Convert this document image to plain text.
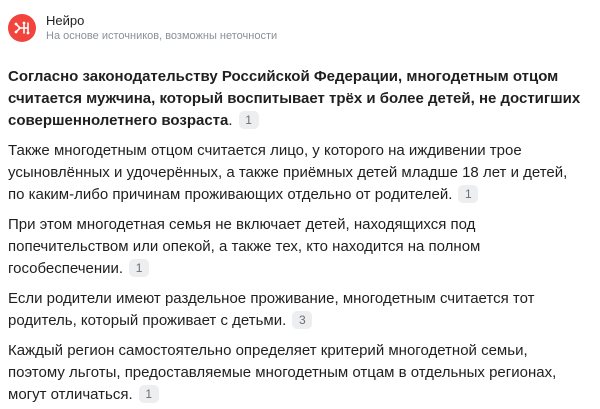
Нейро
На основе источников, возможны неточности

Согласно законодательству Российской Федерации, многодетным отцом считается мужчина, который воспитывает трёх и более детей, не достигших совершеннолетнего возраста. 1

Также многодетным отцом считается лицо, у которого на иждивении трое усыновлённых и удочерённых, а также приёмных детей младше 18 лет и детей, по каким-либо причинам проживающих отдельно от родителей. 1

При этом многодетная семья не включает детей, находящихся под попечительством или опекой, а также тех, кто находится на полном гособеспечении. 1

Если родители имеют раздельное проживание, многодетным считается тот родитель, который проживает с детьми. 3

Каждый регион самостоятельно определяет критерий многодетной семьи, поэтому льготы, предоставляемые многодетным отцам в отдельных регионах, могут отличаться. 1
